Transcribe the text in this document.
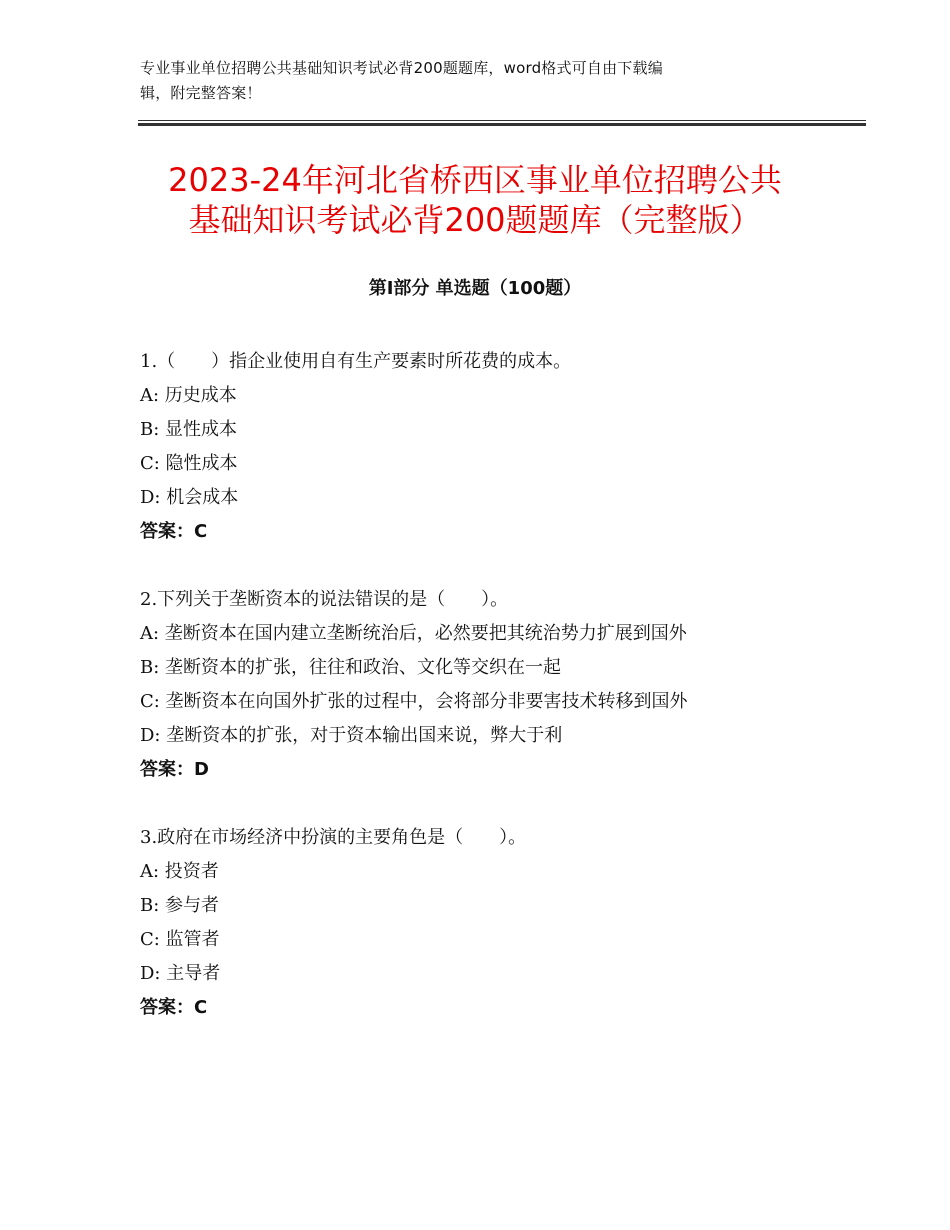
专业事业单位招聘公共基础知识考试必背200题题库，word格式可自由下载编
辑，附完整答案！
2023-24年河北省桥西区事业单位招聘公共
基础知识考试必背200题题库（完整版）
第Ⅰ部分 单选题（100题）
1.（　　）指企业使用自有生产要素时所花费的成本。
A: 历史成本
B: 显性成本
C: 隐性成本
D: 机会成本
答案：C
2.下列关于垄断资本的说法错误的是（　　）。
A: 垄断资本在国内建立垄断统治后，必然要把其统治势力扩展到国外
B: 垄断资本的扩张，往往和政治、文化等交织在一起
C: 垄断资本在向国外扩张的过程中，会将部分非要害技术转移到国外
D: 垄断资本的扩张，对于资本输出国来说，弊大于利
答案：D
3.政府在市场经济中扮演的主要角色是（　　）。
A: 投资者
B: 参与者
C: 监管者
D: 主导者
答案：C
